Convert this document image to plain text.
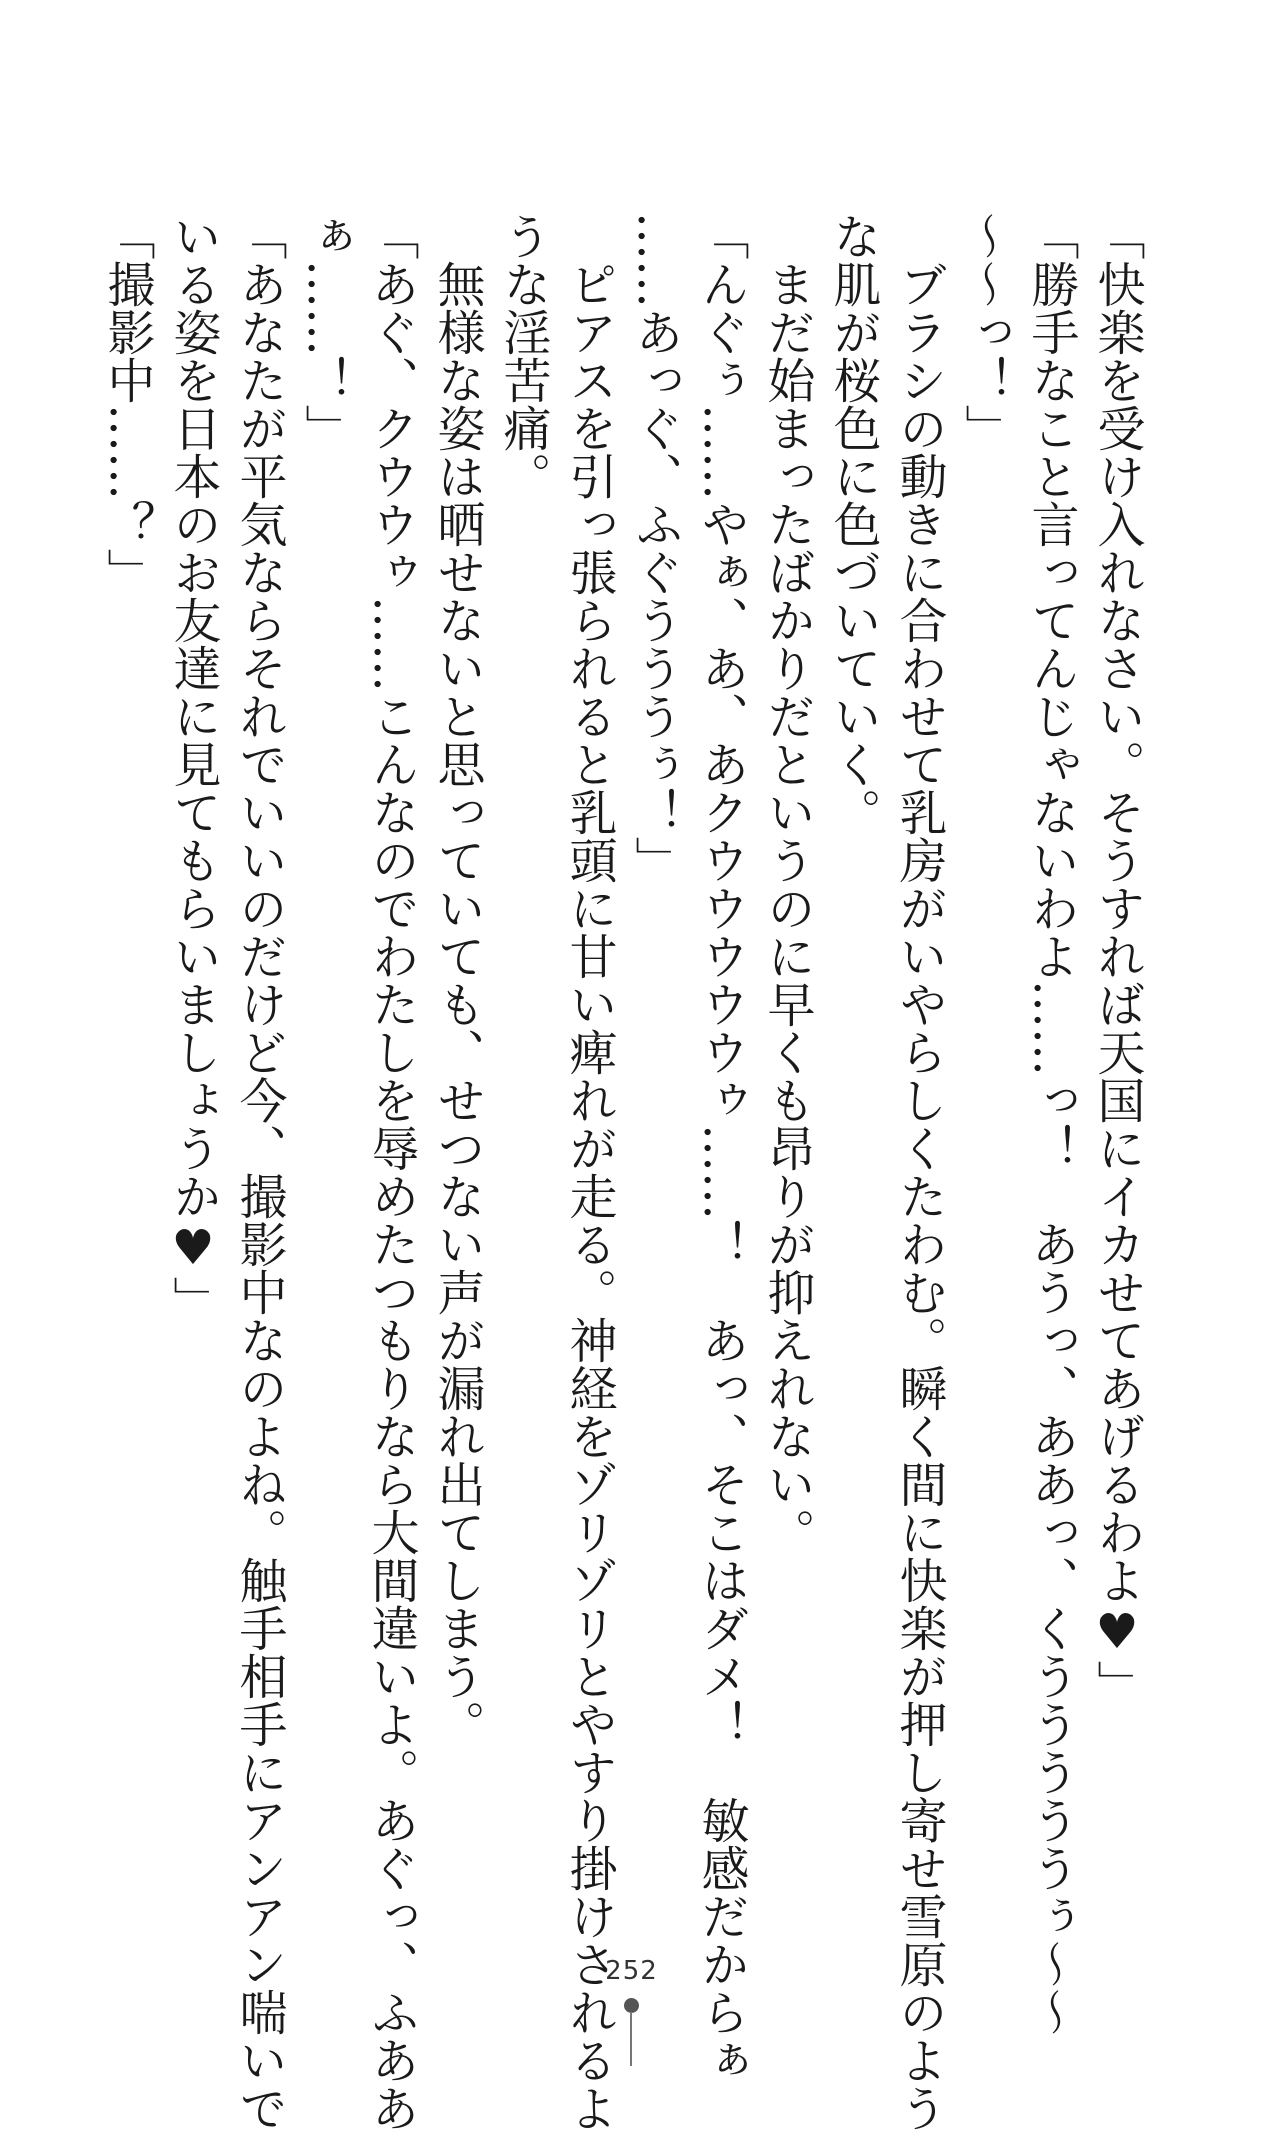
「快楽を受け入れなさい。そうすれば天国にイカせてあげるわよ♥」
「勝手なこと言ってんじゃないわよ……っ！　あうっ、ああっ、くうううううぅ〜〜
〜〜っ！」
　ブラシの動きに合わせて乳房がいやらしくたわむ。瞬く間に快楽が押し寄せ雪原のよう
な肌が桜色に色づいていく。
　まだ始まったばかりだというのに早くも昂りが抑えれない。
「んぐぅ……やぁ、あ、あクウウウウウゥ……！　あっ、そこはダメ！　敏感だからぁ
……あっぐ、ふぐうううぅ！」
　ピアスを引っ張られると乳頭に甘い痺れが走る。神経をゾリゾリとやすり掛けされるよ
うな淫苦痛。
　無様な姿は晒せないと思っていても、せつない声が漏れ出てしまう。
「あぐ、クウウゥ……こんなのでわたしを辱めたつもりなら大間違いよ。あぐっ、ふああ
ぁ……！」
「あなたが平気ならそれでいいのだけど今、撮影中なのよね。触手相手にアンアン喘いで
いる姿を日本のお友達に見てもらいましょうか♥」
「撮影中……？」
252
